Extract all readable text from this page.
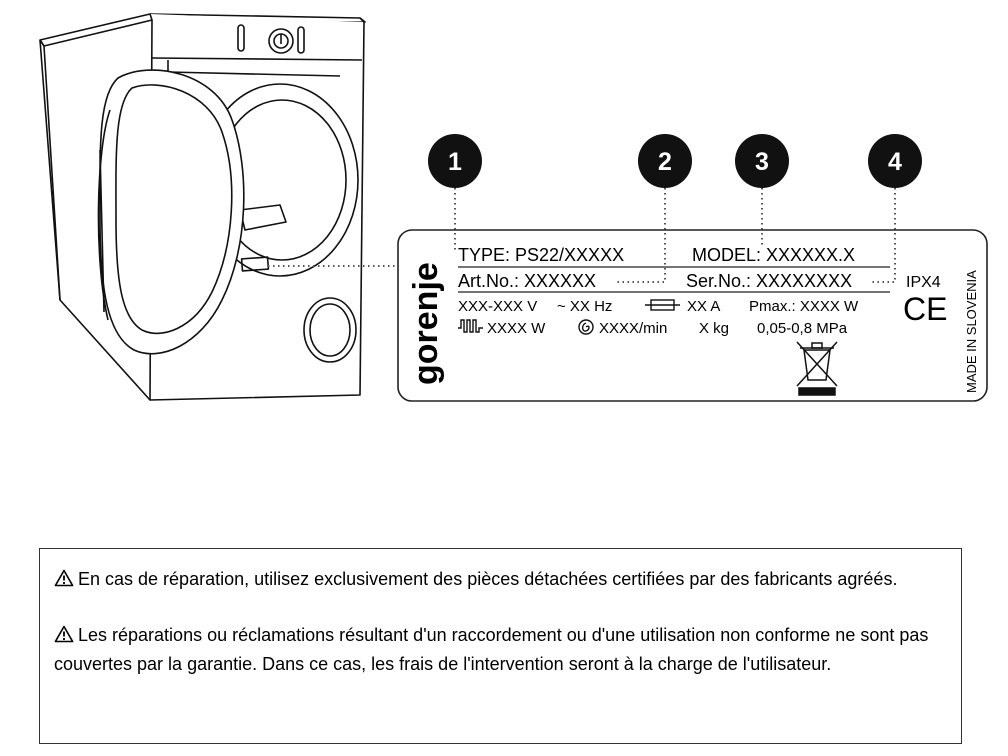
1	2	3	4
gorenje
TYPE: PS22/XXXXX	MODEL: XXXXXX.X
Art.No.: XXXXXX	Ser.No.: XXXXXXXX	IPX4
XXX-XXX V ~ XX Hz	XX A Pmax.: XXXX W CE
XXXX W	XXXX/min X kg 0,05-0,8 MPa	MADE IN SLOVENIA

En cas de réparation, utilisez exclusivement des pièces détachées certifiées par des fabricants agréés.

Les réparations ou réclamations résultant d'un raccordement ou d'une utilisation non conforme ne sont pas couvertes par la garantie. Dans ce cas, les frais de l'intervention seront à la charge de l'utilisateur.
